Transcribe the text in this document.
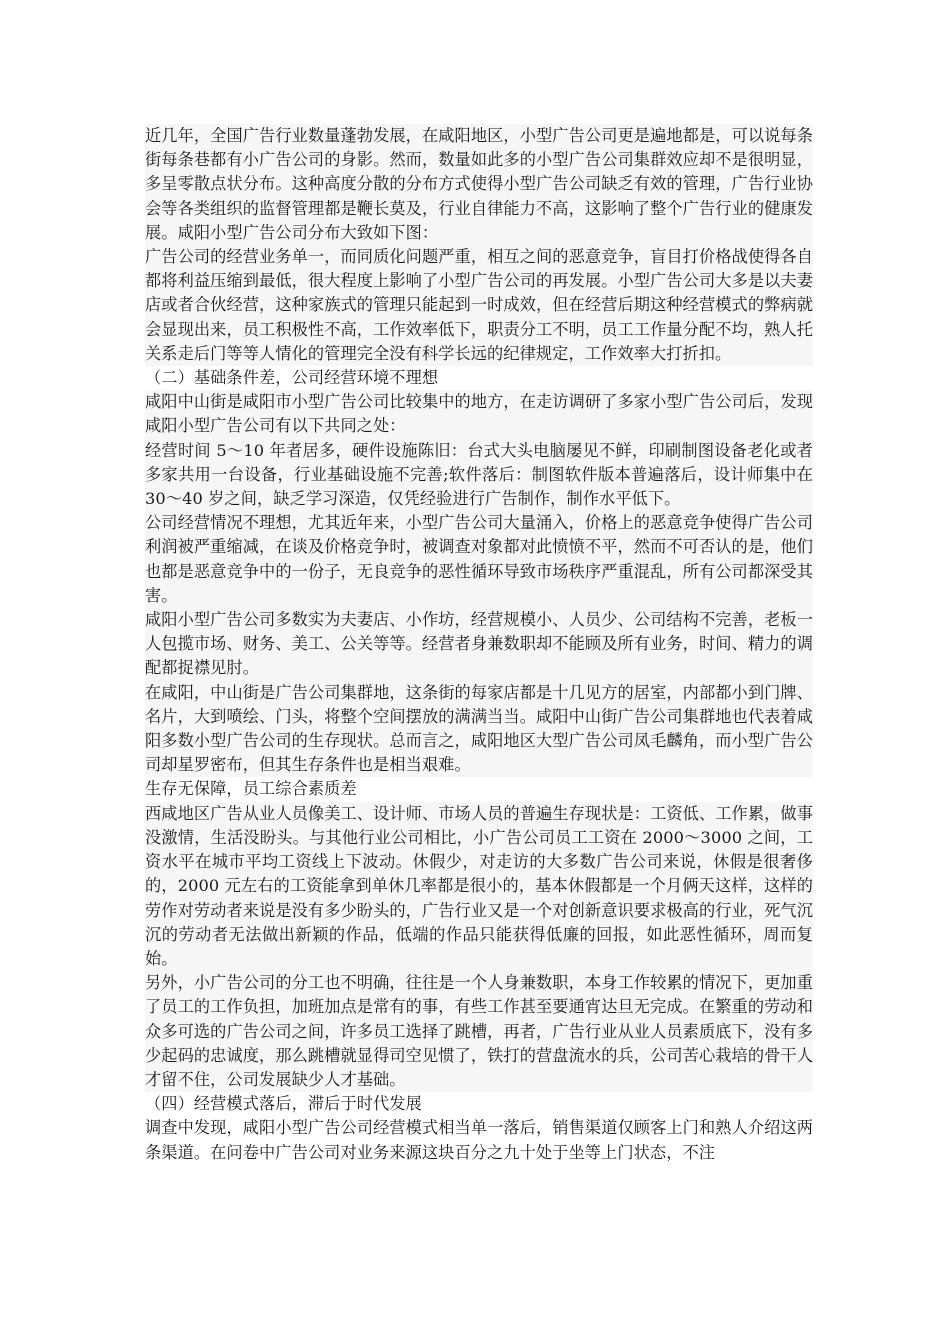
近几年，全国广告行业数量蓬勃发展，在咸阳地区，小型广告公司更是遍地都是，可以说每条街每条巷都有小广告公司的身影。然而，数量如此多的小型广告公司集群效应却不是很明显，多呈零散点状分布。这种高度分散的分布方式使得小型广告公司缺乏有效的管理，广告行业协会等各类组织的监督管理都是鞭长莫及，行业自律能力不高，这影响了整个广告行业的健康发展。咸阳小型广告公司分布大致如下图：

广告公司的经营业务单一，而同质化问题严重，相互之间的恶意竞争，盲目打价格战使得各自都将利益压缩到最低，很大程度上影响了小型广告公司的再发展。小型广告公司大多是以夫妻店或者合伙经营，这种家族式的管理只能起到一时成效，但在经营后期这种经营模式的弊病就会显现出来，员工积极性不高，工作效率低下，职责分工不明，员工工作量分配不均，熟人托关系走后门等等人情化的管理完全没有科学长远的纪律规定，工作效率大打折扣。

（二）基础条件差，公司经营环境不理想

咸阳中山街是咸阳市小型广告公司比较集中的地方，在走访调研了多家小型广告公司后，发现咸阳小型广告公司有以下共同之处：

经营时间 5～10 年者居多，硬件设施陈旧：台式大头电脑屡见不鲜，印刷制图设备老化或者多家共用一台设备，行业基础设施不完善;软件落后：制图软件版本普遍落后，设计师集中在 30～40 岁之间，缺乏学习深造，仅凭经验进行广告制作，制作水平低下。

公司经营情况不理想，尤其近年来，小型广告公司大量涌入，价格上的恶意竞争使得广告公司利润被严重缩减，在谈及价格竞争时，被调查对象都对此愤愤不平，然而不可否认的是，他们也都是恶意竞争中的一份子，无良竞争的恶性循环导致市场秩序严重混乱，所有公司都深受其害。

咸阳小型广告公司多数实为夫妻店、小作坊，经营规模小、人员少、公司结构不完善，老板一人包揽市场、财务、美工、公关等等。经营者身兼数职却不能顾及所有业务，时间、精力的调配都捉襟见肘。

在咸阳，中山街是广告公司集群地，这条街的每家店都是十几见方的居室，内部都小到门牌、名片，大到喷绘、门头，将整个空间摆放的满满当当。咸阳中山街广告公司集群地也代表着咸阳多数小型广告公司的生存现状。总而言之，咸阳地区大型广告公司凤毛麟角，而小型广告公司却星罗密布，但其生存条件也是相当艰难。

生存无保障，员工综合素质差

西咸地区广告从业人员像美工、设计师、市场人员的普遍生存现状是：工资低、工作累，做事没激情，生活没盼头。与其他行业公司相比，小广告公司员工工资在 2000～3000 之间，工资水平在城市平均工资线上下波动。休假少，对走访的大多数广告公司来说，休假是很奢侈的，2000 元左右的工资能拿到单休几率都是很小的，基本休假都是一个月俩天这样，这样的劳作对劳动者来说是没有多少盼头的，广告行业又是一个对创新意识要求极高的行业，死气沉沉的劳动者无法做出新颖的作品，低端的作品只能获得低廉的回报，如此恶性循环，周而复始。

另外，小广告公司的分工也不明确，往往是一个人身兼数职，本身工作较累的情况下，更加重了员工的工作负担，加班加点是常有的事，有些工作甚至要通宵达旦无完成。在繁重的劳动和众多可选的广告公司之间，许多员工选择了跳槽，再者，广告行业从业人员素质底下，没有多少起码的忠诚度，那么跳槽就显得司空见惯了，铁打的营盘流水的兵，公司苦心栽培的骨干人才留不住，公司发展缺少人才基础。

（四）经营模式落后，滞后于时代发展

调查中发现，咸阳小型广告公司经营模式相当单一落后，销售渠道仅顾客上门和熟人介绍这两条渠道。在问卷中广告公司对业务来源这块百分之九十处于坐等上门状态，不注
